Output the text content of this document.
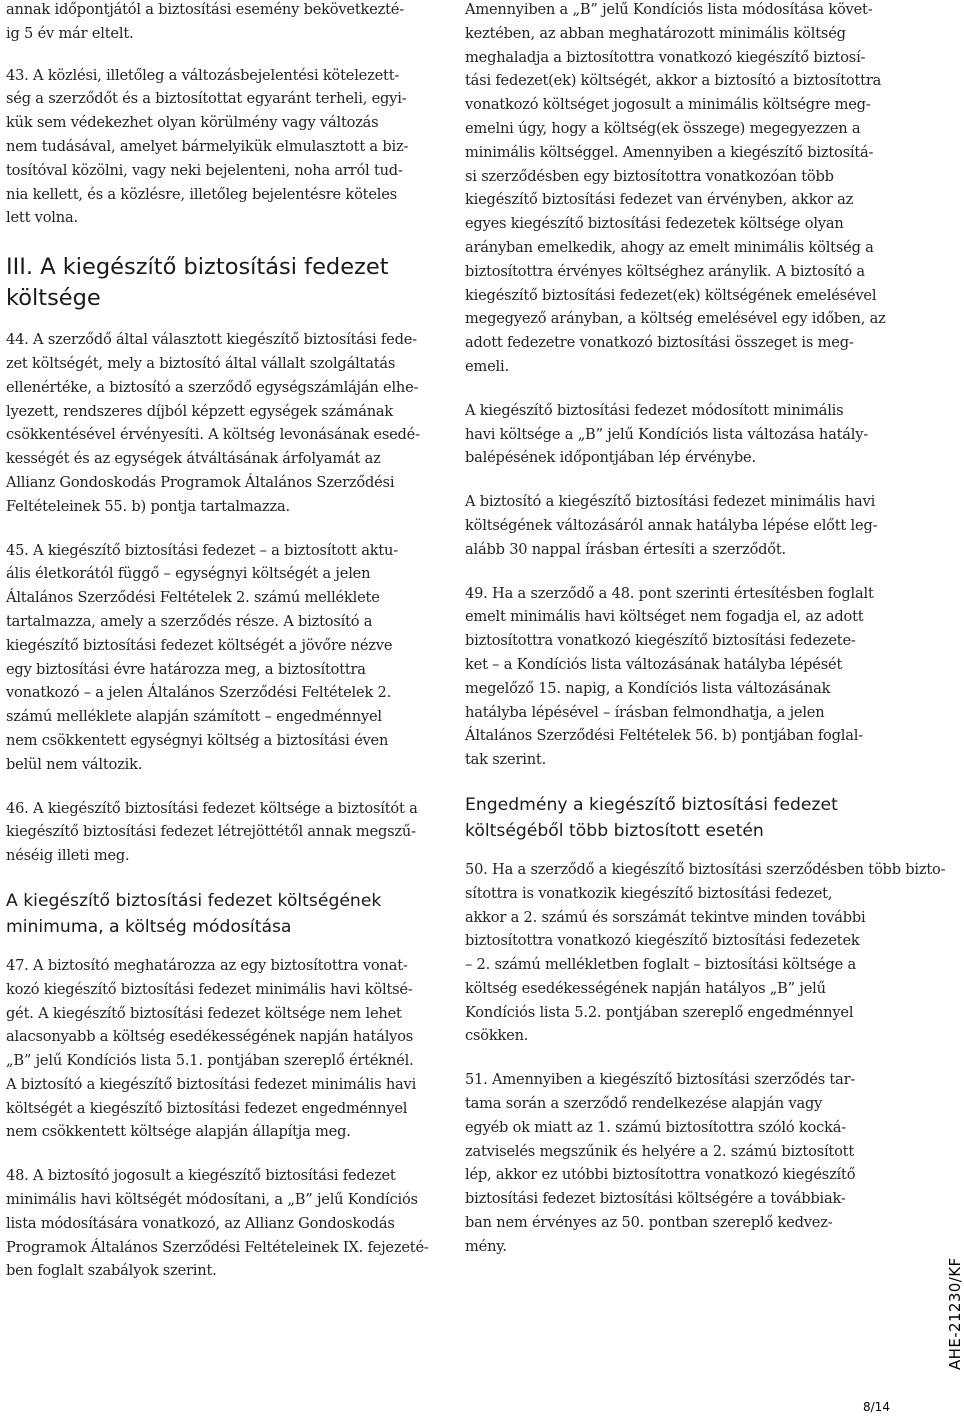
annak időpontjától a biztosítási esemény bekövetkezté-
ig 5 év már eltelt.

43. A közlési, illetőleg a változásbejelentési kötelezett-
ség a szerződőt és a biztosítottat egyaránt terheli, egyi-
kük sem védekezhet olyan körülmény vagy változás
nem tudásával, amelyet bármelyikük elmulasztott a biz-
tosítóval közölni, vagy neki bejelenteni, noha arról tud-
nia kellett, és a közlésre, illetőleg bejelentésre köteles
lett volna.

III. A kiegészítő biztosítási fedezet
költsége

44. A szerződő által választott kiegészítő biztosítási fede-
zet költségét, mely a biztosító által vállalt szolgáltatás
ellenértéke, a biztosító a szerződő egységszámláján elhe-
lyezett, rendszeres díjból képzett egységek számának
csökkentésével érvényesíti. A költség levonásának esedé-
kességét és az egységek átváltásának árfolyamát az
Allianz Gondoskodás Programok Általános Szerződési
Feltételeinek 55. b) pontja tartalmazza.

45. A kiegészítő biztosítási fedezet – a biztosított aktu-
ális életkorától függő – egységnyi költségét a jelen
Általános Szerződési Feltételek 2. számú melléklete
tartalmazza, amely a szerződés része. A biztosító a
kiegészítő biztosítási fedezet költségét a jövőre nézve
egy biztosítási évre határozza meg, a biztosítottra
vonatkozó – a jelen Általános Szerződési Feltételek 2.
számú melléklete alapján számított – engedménnyel
nem csökkentett egységnyi költség a biztosítási éven
belül nem változik.

46. A kiegészítő biztosítási fedezet költsége a biztosítót a
kiegészítő biztosítási fedezet létrejöttétől annak megszű-
néséig illeti meg.

A kiegészítő biztosítási fedezet költségének
minimuma, a költség módosítása

47. A biztosító meghatározza az egy biztosítottra vonat-
kozó kiegészítő biztosítási fedezet minimális havi költsé-
gét. A kiegészítő biztosítási fedezet költsége nem lehet
alacsonyabb a költség esedékességének napján hatályos
„B” jelű Kondíciós lista 5.1. pontjában szereplő értéknél.
A biztosító a kiegészítő biztosítási fedezet minimális havi
költségét a kiegészítő biztosítási fedezet engedménnyel
nem csökkentett költsége alapján állapítja meg.

48. A biztosító jogosult a kiegészítő biztosítási fedezet
minimális havi költségét módosítani, a „B” jelű Kondíciós
lista módosítására vonatkozó, az Allianz Gondoskodás
Programok Általános Szerződési Feltételeinek IX. fejezeté-
ben foglalt szabályok szerint.

Amennyiben a „B” jelű Kondíciós lista módosítása követ-
keztében, az abban meghatározott minimális költség
meghaladja a biztosítottra vonatkozó kiegészítő biztosí-
tási fedezet(ek) költségét, akkor a biztosító a biztosítottra
vonatkozó költséget jogosult a minimális költségre meg-
emelni úgy, hogy a költség(ek összege) megegyezzen a
minimális költséggel. Amennyiben a kiegészítő biztosítá-
si szerződésben egy biztosítottra vonatkozóan több
kiegészítő biztosítási fedezet van érvényben, akkor az
egyes kiegészítő biztosítási fedezetek költsége olyan
arányban emelkedik, ahogy az emelt minimális költség a
biztosítottra érvényes költséghez aránylik. A biztosító a
kiegészítő biztosítási fedezet(ek) költségének emelésével
megegyező arányban, a költség emelésével egy időben, az
adott fedezetre vonatkozó biztosítási összeget is meg-
emeli.

A kiegészítő biztosítási fedezet módosított minimális
havi költsége a „B” jelű Kondíciós lista változása hatály-
balépésének időpontjában lép érvénybe.

A biztosító a kiegészítő biztosítási fedezet minimális havi
költségének változásáról annak hatályba lépése előtt leg-
alább 30 nappal írásban értesíti a szerződőt.

49. Ha a szerződő a 48. pont szerinti értesítésben foglalt
emelt minimális havi költséget nem fogadja el, az adott
biztosítottra vonatkozó kiegészítő biztosítási fedezete-
ket – a Kondíciós lista változásának hatályba lépését
megelőző 15. napig, a Kondíciós lista változásának
hatályba lépésével – írásban felmondhatja, a jelen
Általános Szerződési Feltételek 56. b) pontjában foglal-
tak szerint.

Engedmény a kiegészítő biztosítási fedezet
költségéből több biztosított esetén

50. Ha a szerződő a kiegészítő biztosítási szerződésben több bizto-
sítottra is vonatkozik kiegészítő biztosítási fedezet,
akkor a 2. számú és sorszámát tekintve minden további
biztosítottra vonatkozó kiegészítő biztosítási fedezetek
– 2. számú mellékletben foglalt – biztosítási költsége a
költség esedékességének napján hatályos „B” jelű
Kondíciós lista 5.2. pontjában szereplő engedménnyel
csökken.

51. Amennyiben a kiegészítő biztosítási szerződés tar-
tama során a szerződő rendelkezése alapján vagy
egyéb ok miatt az 1. számú biztosítottra szóló kocká-
zatviselés megszűnik és helyére a 2. számú biztosított
lép, akkor ez utóbbi biztosítottra vonatkozó kiegészítő
biztosítási fedezet biztosítási költségére a továbbiak-
ban nem érvényes az 50. pontban szereplő kedvez-
mény.

AHE-21230/KF
8/14
